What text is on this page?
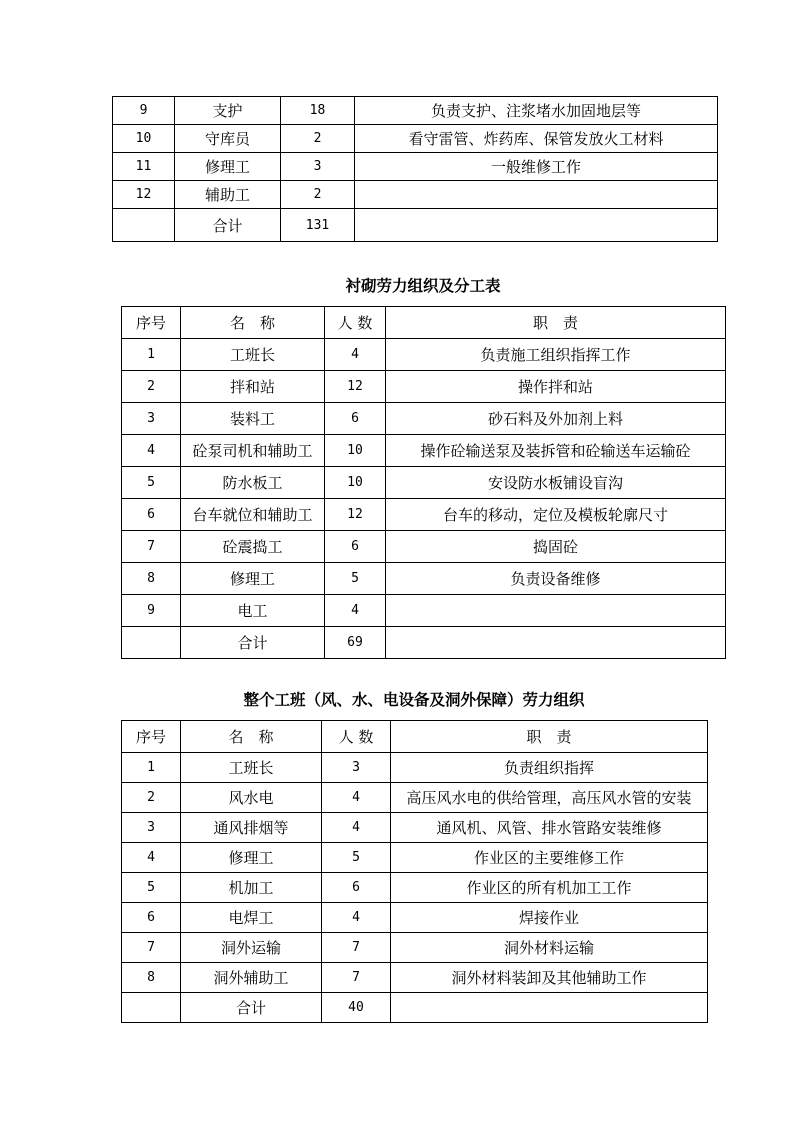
9	支护	18	负责支护、注浆堵水加固地层等
10	守库员	2	看守雷管、炸药库、保管发放火工材料
11	修理工	3	一般维修工作
12	辅助工	2	
	合计	131	
衬砌劳力组织及分工表
序号	名　称	人 数	职　责
1	工班长	4	负责施工组织指挥工作
2	拌和站	12	操作拌和站
3	装料工	6	砂石料及外加剂上料
4	砼泵司机和辅助工	10	操作砼输送泵及装拆管和砼输送车运输砼
5	防水板工	10	安设防水板铺设盲沟
6	台车就位和辅助工	12	台车的移动，定位及模板轮廓尺寸
7	砼震捣工	6	捣固砼
8	修理工	5	负责设备维修
9	电工	4	
	合计	69	
整个工班（风、水、电设备及洞外保障）劳力组织
序号	名　称	人 数	职　责
1	工班长	3	负责组织指挥
2	风水电	4	高压风水电的供给管理，高压风水管的安装
3	通风排烟等	4	通风机、风管、排水管路安装维修
4	修理工	5	作业区的主要维修工作
5	机加工	6	作业区的所有机加工工作
6	电焊工	4	焊接作业
7	洞外运输	7	洞外材料运输
8	洞外辅助工	7	洞外材料装卸及其他辅助工作
	合计	40	
